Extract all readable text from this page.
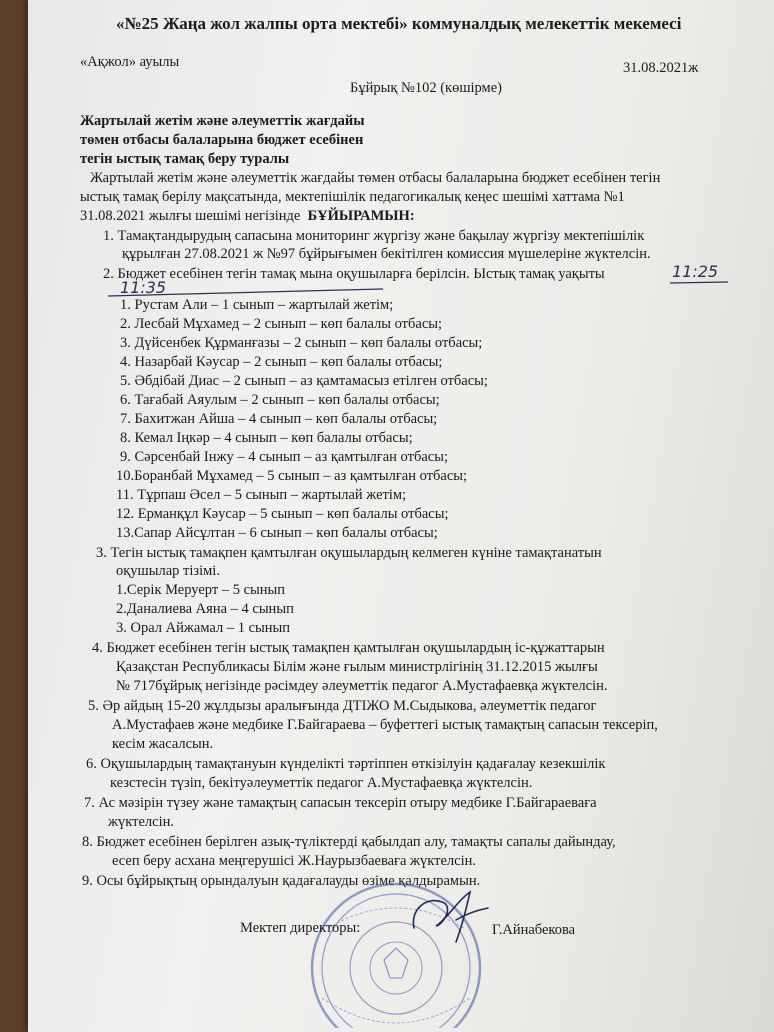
«№25 Жаңа жол жалпы орта мектебі» коммуналдық мелекеттік мекемесі
«Ақжол» ауылы	31.08.2021ж
Бұйрық №102 (көшірме)
Жартылай жетім және әлеуметтік жағдайы
төмен отбасы балаларына бюджет есебінен
тегін ыстық тамақ беру туралы
Жартылай жетім және әлеуметтік жағдайы төмен отбасы балаларына бюджет есебінен тегін
ыстық тамақ берілу мақсатында, мектепішілік педагогикалық кеңес шешімі хаттама №1
31.08.2021 жылғы шешімі негізінде БҰЙЫРАМЫН:
1. Тамақтандырудың сапасына мониторинг жүргізу және бақылау жүргізу мектепішілік
құрылған 27.08.2021 ж №97 бұйрығымен бекітілген комиссия мүшелеріне жүктелсін.
2. Бюджет есебінен тегін тамақ мына оқушыларға берілсін. Ыстық тамақ уақыты	11:25
11:35
1. Рустам Али – 1 сынып – жартылай жетім;
2. Лесбай Мұхамед – 2 сынып – көп балалы отбасы;
3. Дүйсенбек Құрманғазы – 2 сынып – көп балалы отбасы;
4. Назарбай Кәусар – 2 сынып – көп балалы отбасы;
5. Әбдібай Диас – 2 сынып – аз қамтамасыз етілген отбасы;
6. Тағабай Аяулым – 2 сынып – көп балалы отбасы;
7. Бахитжан Айша – 4 сынып – көп балалы отбасы;
8. Кемал Іңкәр – 4 сынып – көп балалы отбасы;
9. Сәрсенбай Інжу – 4 сынып – аз қамтылған отбасы;
10.Боранбай Мұхамед – 5 сынып – аз қамтылған отбасы;
11. Тұрпаш Әсел – 5 сынып – жартылай жетім;
12. Ерманқұл Кәусар – 5 сынып – көп балалы отбасы;
13.Сапар Айсұлтан – 6 сынып – көп балалы отбасы;
3. Тегін ыстық тамақпен қамтылған оқушылардың келмеген күніне тамақтанатын
оқушылар тізімі.
1.Серік Меруерт – 5 сынып
2.Даналиева Аяна – 4 сынып
3. Орал Айжамал – 1 сынып
4. Бюджет есебінен тегін ыстық тамақпен қамтылған оқушылардың іс-құжаттарын
Қазақстан Республикасы Білім және ғылым министрлігінің 31.12.2015 жылғы
№ 717бұйрық негізінде рәсімдеу әлеуметтік педагог А.Мустафаевқа жүктелсін.
5. Әр айдың 15-20 жұлдызы аралығында ДТІЖО М.Сыдыкова, әлеуметтік педагог
А.Мустафаев және медбике Г.Байгараева – буфеттегі ыстық тамақтың сапасын тексеріп,
кесім жасалсын.
6. Оқушылардың тамақтануын күнделікті тәртіппен өткізілуін қадағалау кезекшілік
кезстесін түзіп, бекітуәлеуметтік педагог А.Мустафаевқа жүктелсін.
7. Ас мәзірін түзеу және тамақтың сапасын тексеріп отыру медбике Г.Байгараеваға
жүктелсін.
8. Бюджет есебінен берілген азық-түліктерді қабылдап алу, тамақты сапалы дайындау,
есеп беру асхана меңгерушісі Ж.Наурызбаеваға жүктелсін.
9. Осы бұйрықтың орындалуын қадағалауды өзіме қалдырамын.
Мектеп директоры:	Г.Айнабекова
